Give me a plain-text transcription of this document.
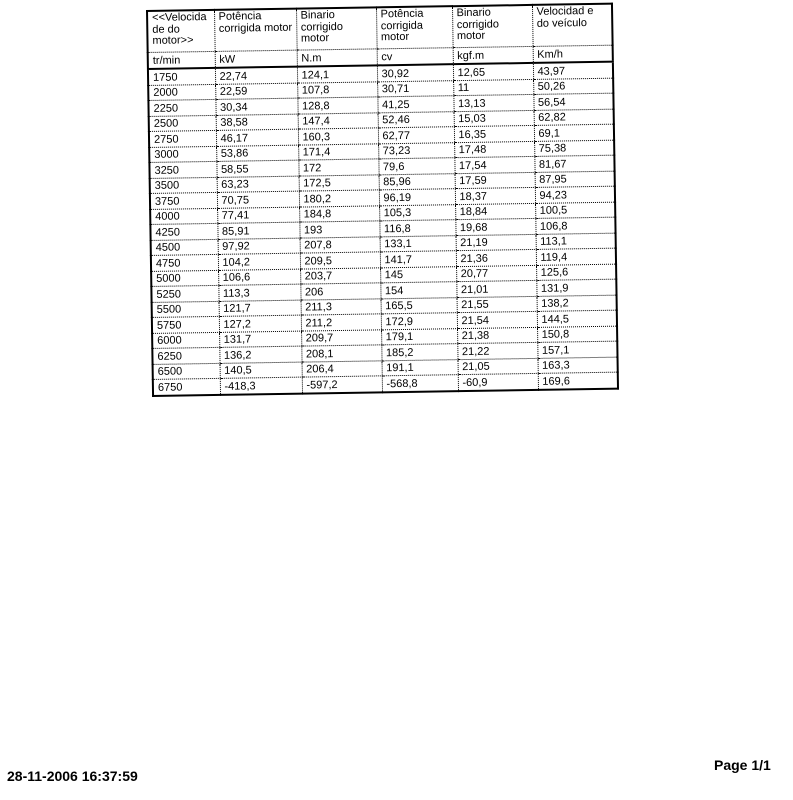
<<Velocida de do motor>>	Potência corrigida motor	Binario corrigido motor	Potência corrigida motor	Binario corrigido motor	Velocidad e do veículo
tr/min	kW	N.m	cv	kgf.m	Km/h
1750	22,74	124,1	30,92	12,65	43,97
2000	22,59	107,8	30,71	11	50,26
2250	30,34	128,8	41,25	13,13	56,54
2500	38,58	147,4	52,46	15,03	62,82
2750	46,17	160,3	62,77	16,35	69,1
3000	53,86	171,4	73,23	17,48	75,38
3250	58,55	172	79,6	17,54	81,67
3500	63,23	172,5	85,96	17,59	87,95
3750	70,75	180,2	96,19	18,37	94,23
4000	77,41	184,8	105,3	18,84	100,5
4250	85,91	193	116,8	19,68	106,8
4500	97,92	207,8	133,1	21,19	113,1
4750	104,2	209,5	141,7	21,36	119,4
5000	106,6	203,7	145	20,77	125,6
5250	113,3	206	154	21,01	131,9
5500	121,7	211,3	165,5	21,55	138,2
5750	127,2	211,2	172,9	21,54	144,5
6000	131,7	209,7	179,1	21,38	150,8
6250	136,2	208,1	185,2	21,22	157,1
6500	140,5	206,4	191,1	21,05	163,3
6750	-418,3	-597,2	-568,8	-60,9	169,6
28-11-2006 16:37:59
Page 1/1
